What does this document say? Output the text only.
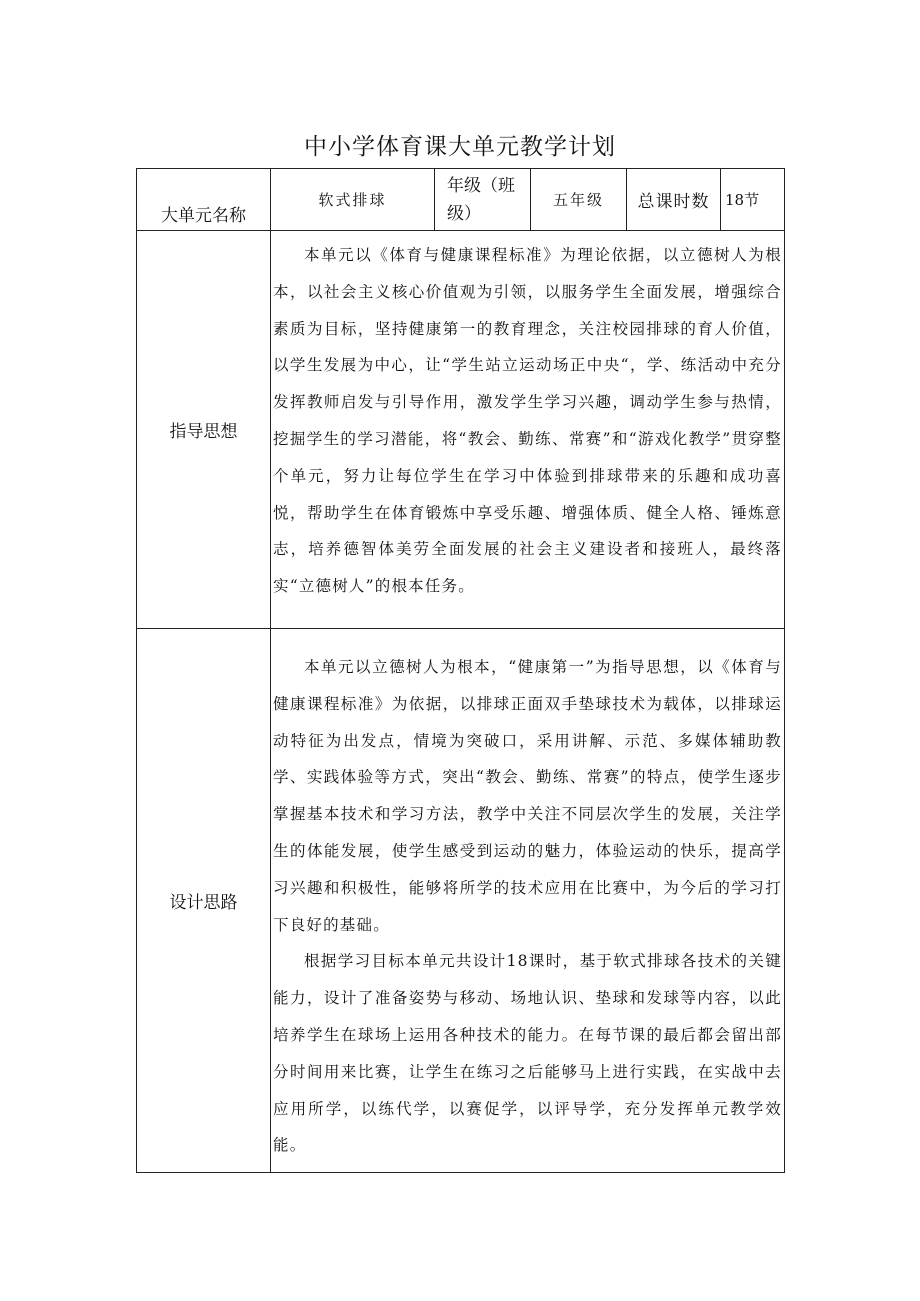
中小学体育课大单元教学计划
大单元名称	软式排球	年级（班级）	五年级	总课时数	18节
指导思想	本单元以《体育与健康课程标准》为理论依据，以立德树人为根本，以社会主义核心价值观为引领，以服务学生全面发展，增强综合素质为目标，坚持健康第一的教育理念，关注校园排球的育人价值，以学生发展为中心，让“学生站立运动场正中央“，学、练活动中充分发挥教师启发与引导作用，激发学生学习兴趣，调动学生参与热情，挖掘学生的学习潜能，将“教会、勤练、常赛”和“游戏化教学”贯穿整个单元，努力让每位学生在学习中体验到排球带来的乐趣和成功喜悦，帮助学生在体育锻炼中享受乐趣、增强体质、健全人格、锤炼意志，培养德智体美劳全面发展的社会主义建设者和接班人，最终落实“立德树人”的根本任务。				

设计思路	本单元以立德树人为根本，“健康第一”为指导思想，以《体育与健康课程标准》为依据，以排球正面双手垫球技术为载体，以排球运动特征为出发点，情境为突破口，采用讲解、示范、多媒体辅助教学、实践体验等方式，突出“教会、勤练、常赛”的特点，使学生逐步掌握基本技术和学习方法，教学中关注不同层次学生的发展，关注学生的体能发展，使学生感受到运动的魅力，体验运动的快乐，提高学习兴趣和积极性，能够将所学的技术应用在比赛中，为今后的学习打下良好的基础。

根据学习目标本单元共设计18课时，基于软式排球各技术的关键能力，设计了准备姿势与移动、场地认识、垫球和发球等内容，以此培养学生在球场上运用各种技术的能力。在每节课的最后都会留出部分时间用来比赛，让学生在练习之后能够马上进行实践，在实战中去应用所学，以练代学，以赛促学，以评导学，充分发挥单元教学效能。				
